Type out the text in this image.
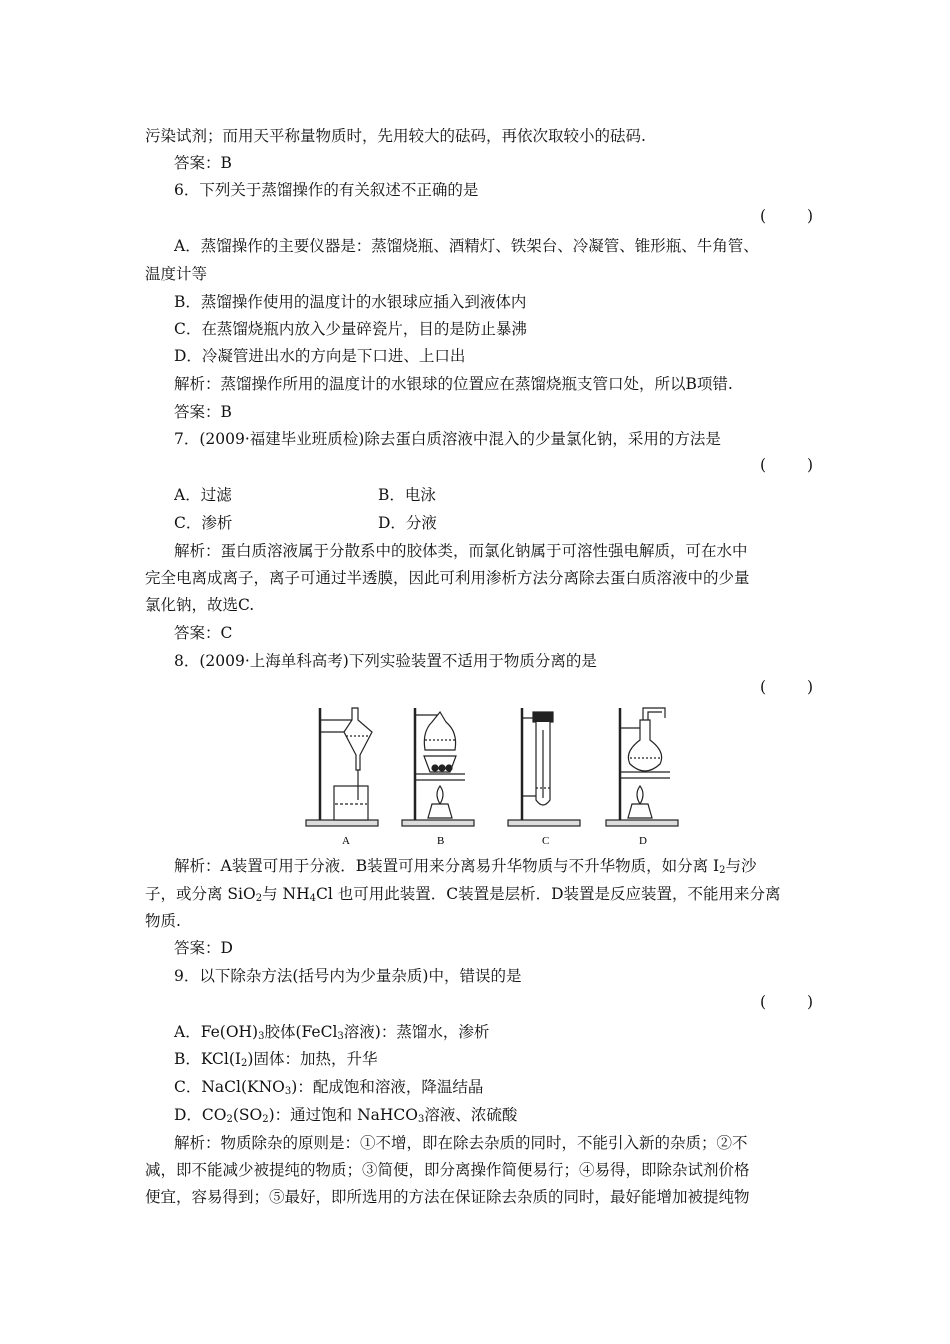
污染试剂；而用天平称量物质时，先用较大的砝码，再依次取较小的砝码.
答案：B
6．下列关于蒸馏操作的有关叙述不正确的是
( )
A．蒸馏操作的主要仪器是：蒸馏烧瓶、酒精灯、铁架台、冷凝管、锥形瓶、牛角管、
温度计等
B．蒸馏操作使用的温度计的水银球应插入到液体内
C．在蒸馏烧瓶内放入少量碎瓷片，目的是防止暴沸
D．冷凝管进出水的方向是下口进、上口出
解析：蒸馏操作所用的温度计的水银球的位置应在蒸馏烧瓶支管口处，所以B项错.
答案：B
7．(2009·福建毕业班质检)除去蛋白质溶液中混入的少量氯化钠，采用的方法是
( )
A．过滤	B．电泳
C．渗析	D．分液
解析：蛋白质溶液属于分散系中的胶体类，而氯化钠属于可溶性强电解质，可在水中
完全电离成离子，离子可通过半透膜，因此可利用渗析方法分离除去蛋白质溶液中的少量
氯化钠，故选C.
答案：C
8．(2009·上海单科高考)下列实验装置不适用于物质分离的是
( )
A	B	C	D
解析：A装置可用于分液．B装置可用来分离易升华物质与不升华物质，如分离 $I_2$与沙
子，或分离 SiO$_2$与 $NH_4Cl$ 也可用此装置．C装置是层析．D装置是反应装置，不能用来分离
物质.
答案：D
9．以下除杂方法(括号内为少量杂质)中，错误的是
( )
A．$Fe(OH)_3$胶体(FeCl$_3$溶液)：蒸馏水，渗析
B．$KCl(I_2)$固体：加热，升华
C．$NaCl(KNO_3)$：配成饱和溶液，降温结晶
D．$CO_2(SO_2)$：通过饱和 NaHCO$_3$溶液、浓硫酸
解析：物质除杂的原则是：①不增，即在除去杂质的同时，不能引入新的杂质；②不
减，即不能减少被提纯的物质；③简便，即分离操作简便易行；④易得，即除杂试剂价格
便宜，容易得到；⑤最好，即所选用的方法在保证除去杂质的同时，最好能增加被提纯物
